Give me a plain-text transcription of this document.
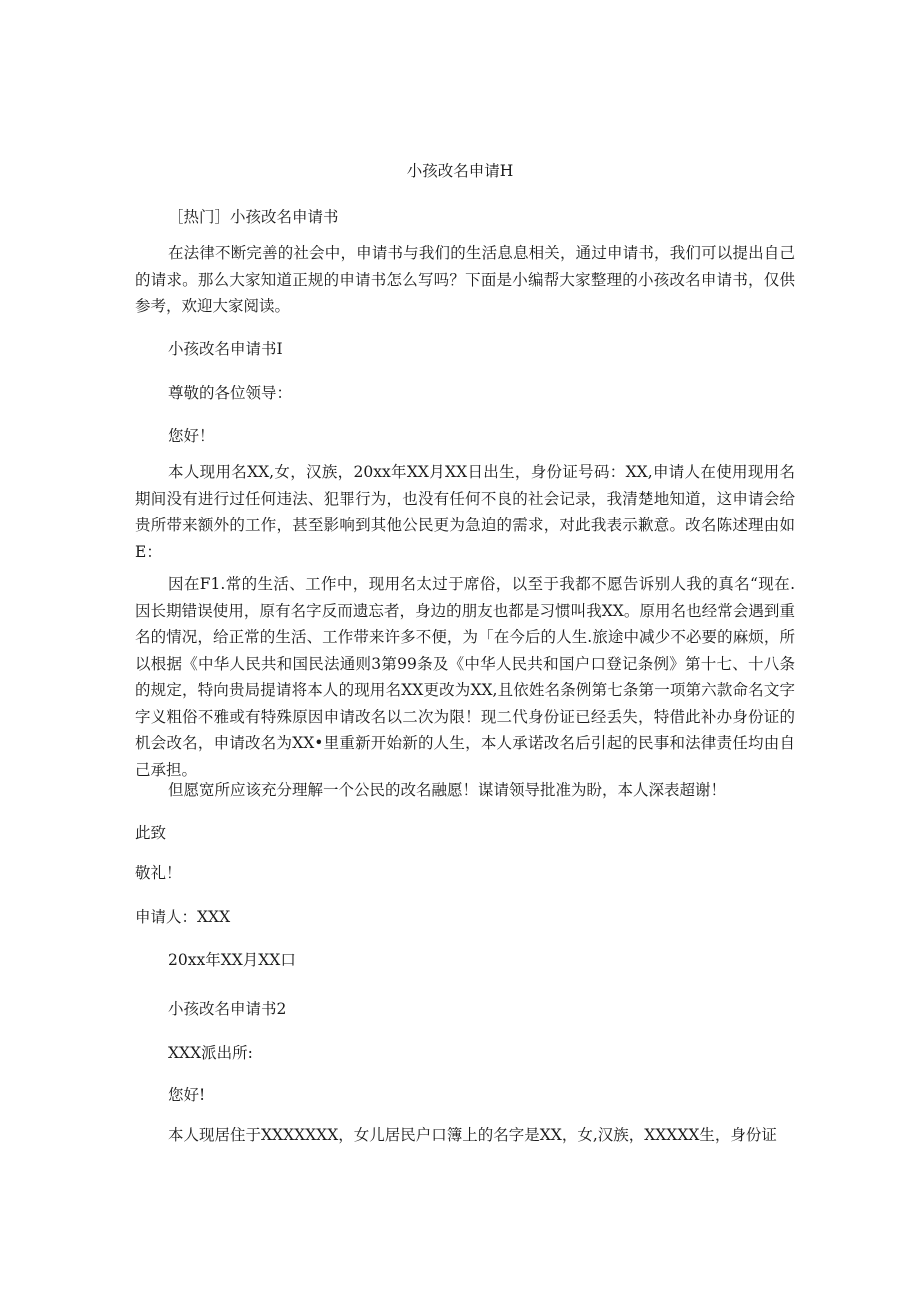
小孩改名申请H
［热门］小孩改名申请书
在法律不断完善的社会中，申请书与我们的生活息息相关，通过申请书，我们可以提出自己的请求。那么大家知道正规的申请书怎么写吗？下面是小编帮大家整理的小孩改名申请书，仅供参考，欢迎大家阅读。
小孩改名申请书I
尊敬的各位领导：
您好！
本人现用名XX,女，汉族，20xx年XX月XX日出生，身份证号码：XX,申请人在使用现用名期间没有进行过任何违法、犯罪行为，也没有任何不良的社会记录，我清楚地知道，这申请会给贵所带来额外的工作，甚至影响到其他公民更为急迫的需求，对此我表示歉意。改名陈述理由如E：
因在F1.常的生活、工作中，现用名太过于席俗，以至于我都不愿告诉别人我的真名“现在.因长期错误使用，原有名字反而遗忘者，身边的朋友也都是习惯叫我XX。原用名也经常会遇到重名的情况，给正常的生活、工作带来许多不便，为「在今后的人生.旅途中减少不必要的麻烦，所以根据《中华人民共和国民法通则3第99条及《中华人民共和国户口登记条例》第十七、十八条的规定，特向贵局提请将本人的现用名XX更改为XX,且依姓名条例第七条第一项第六款命名文字字义粗俗不雅或有特殊原因申请改名以二次为限！现二代身份证已经丢失，特借此补办身份证的机会改名，申请改名为XX•里重新开始新的人生，本人承诺改名后引起的民事和法律责任均由自己承担。
但愿宽所应该充分理解一个公民的改名融愿！谋请领导批准为盼，本人深表超谢！
此致
敬礼！
申请人：XXX
20xx年XX月XX口
小孩改名申请书2
XXX派出所:
您好!
本人现居住于XXXXXXX，女儿居民户口簿上的名字是XX，女,汉族，XXXXX生，身份证
